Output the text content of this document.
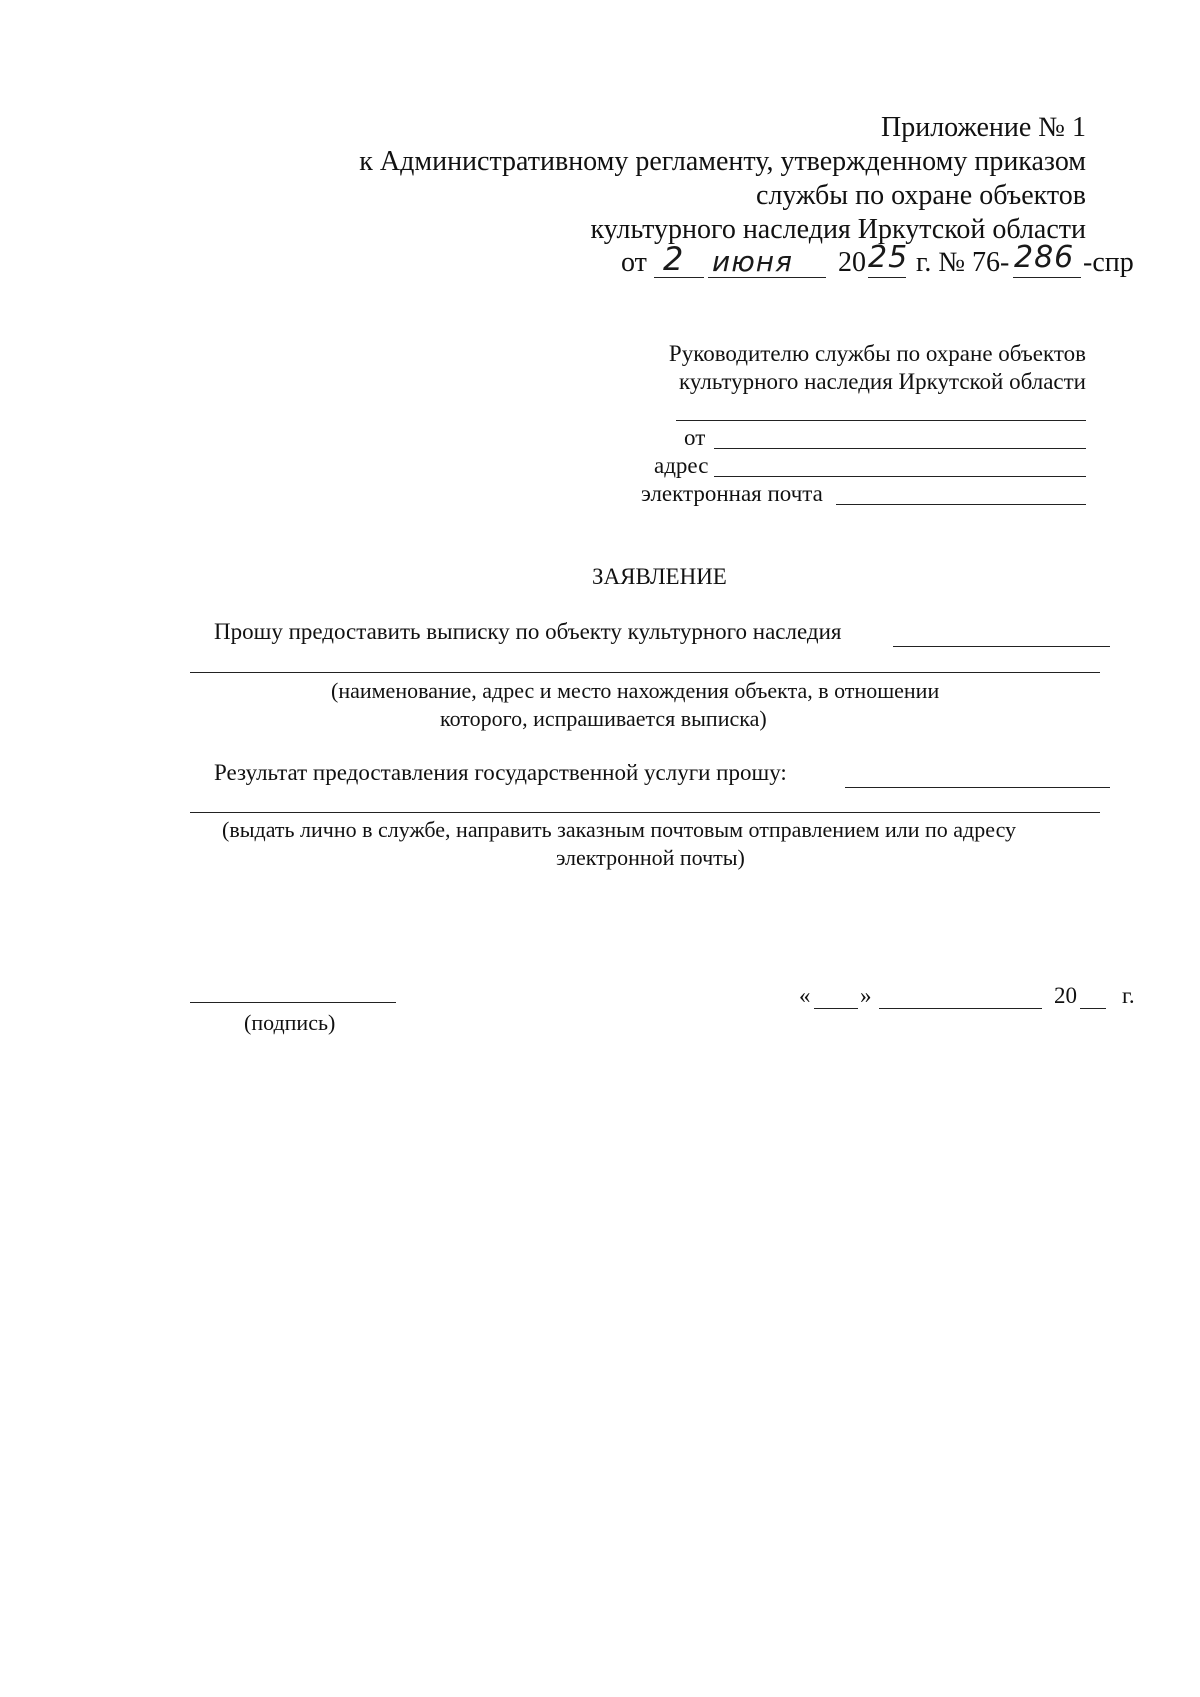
Приложение № 1
к Административному регламенту, утвержденному приказом
службы по охране объектов
культурного наследия Иркутской области
от 2 июня 20 25 г. № 76- 286 -спр
Руководителю службы по охране объектов
культурного наследия Иркутской области
от
адрес
электронная почта
ЗАЯВЛЕНИЕ
Прошу предоставить выписку по объекту культурного наследия
(наименование, адрес и место нахождения объекта, в отношении
которого, испрашивается выписка)
Результат предоставления государственной услуги прошу:
(выдать лично в службе, направить заказным почтовым отправлением или по адресу
электронной почты)
(подпись)
« »	20 г.
